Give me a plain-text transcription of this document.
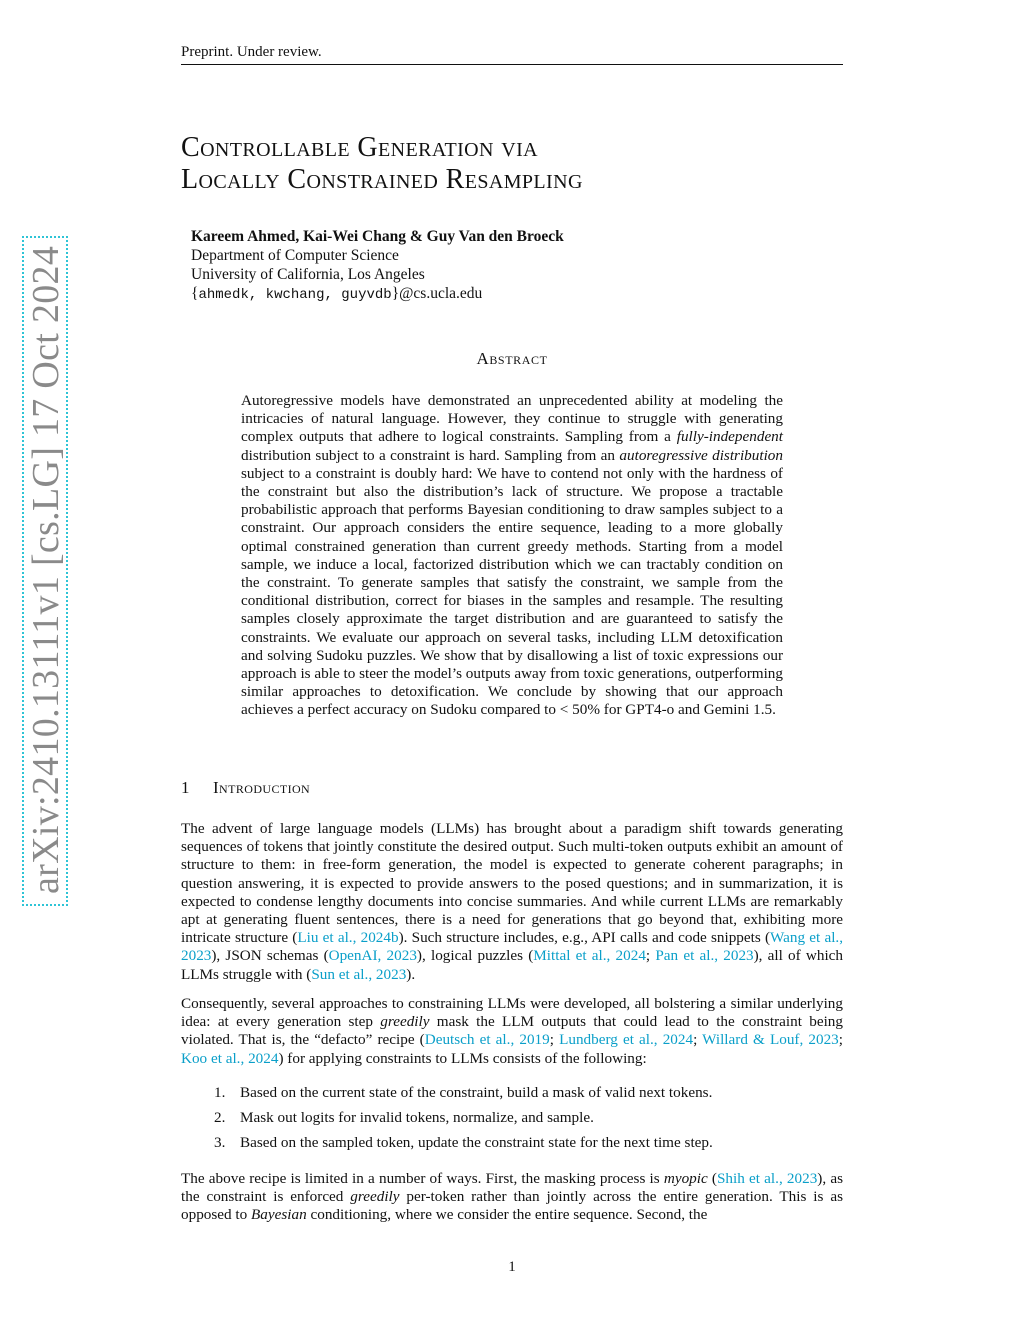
Preprint. Under review.
Controllable Generation via
Locally Constrained Resampling
Kareem Ahmed, Kai-Wei Chang & Guy Van den Broeck
Department of Computer Science
University of California, Los Angeles
{ahmedk, kwchang, guyvdb}@cs.ucla.edu
arXiv:2410.13111v1 [cs.LG] 17 Oct 2024	Abstract
Autoregressive models have demonstrated an unprecedented ability at modeling the intricacies of natural language. However, they continue to struggle with generating complex outputs that adhere to logical constraints. Sampling from a fully-independent distribution subject to a constraint is hard. Sampling from an autoregressive distribution subject to a constraint is doubly hard: We have to contend not only with the hardness of the constraint but also the distribution’s lack of structure. We propose a tractable probabilistic approach that performs Bayesian conditioning to draw samples subject to a constraint. Our approach considers the entire sequence, leading to a more globally optimal constrained generation than current greedy methods. Starting from a model sample, we induce a local, factorized distribution which we can tractably condition on the constraint. To generate samples that satisfy the constraint, we sample from the conditional distribution, correct for biases in the samples and resample. The resulting samples closely approximate the target distribution and are guaranteed to satisfy the constraints. We evaluate our approach on several tasks, including LLM detoxification and solving Sudoku puzzles. We show that by disallowing a list of toxic expressions our approach is able to steer the model’s outputs away from toxic generations, outperforming similar approaches to detoxification. We conclude by showing that our approach achieves a perfect accuracy on Sudoku compared to < 50% for GPT4-o and Gemini 1.5.
1 Introduction
The advent of large language models (LLMs) has brought about a paradigm shift towards generating sequences of tokens that jointly constitute the desired output. Such multi-token outputs exhibit an amount of structure to them: in free-form generation, the model is expected to generate coherent paragraphs; in question answering, it is expected to provide answers to the posed questions; and in summarization, it is expected to condense lengthy documents into concise summaries. And while current LLMs are remarkably apt at generating fluent sentences, there is a need for generations that go beyond that, exhibiting more intricate structure (Liu et al., 2024b). Such structure includes, e.g., API calls and code snippets (Wang et al., 2023), JSON schemas (OpenAI, 2023), logical puzzles (Mittal et al., 2024; Pan et al., 2023), all of which LLMs struggle with (Sun et al., 2023).
Consequently, several approaches to constraining LLMs were developed, all bolstering a similar underlying idea: at every generation step greedily mask the LLM outputs that could lead to the constraint being violated. That is, the “defacto” recipe (Deutsch et al., 2019; Lundberg et al., 2024; Willard & Louf, 2023; Koo et al., 2024) for applying constraints to LLMs consists of the following:
1. Based on the current state of the constraint, build a mask of valid next tokens.
2. Mask out logits for invalid tokens, normalize, and sample.
3. Based on the sampled token, update the constraint state for the next time step.
The above recipe is limited in a number of ways. First, the masking process is myopic (Shih et al., 2023), as the constraint is enforced greedily per-token rather than jointly across the entire generation. This is as opposed to Bayesian conditioning, where we consider the entire sequence. Second, the
1
